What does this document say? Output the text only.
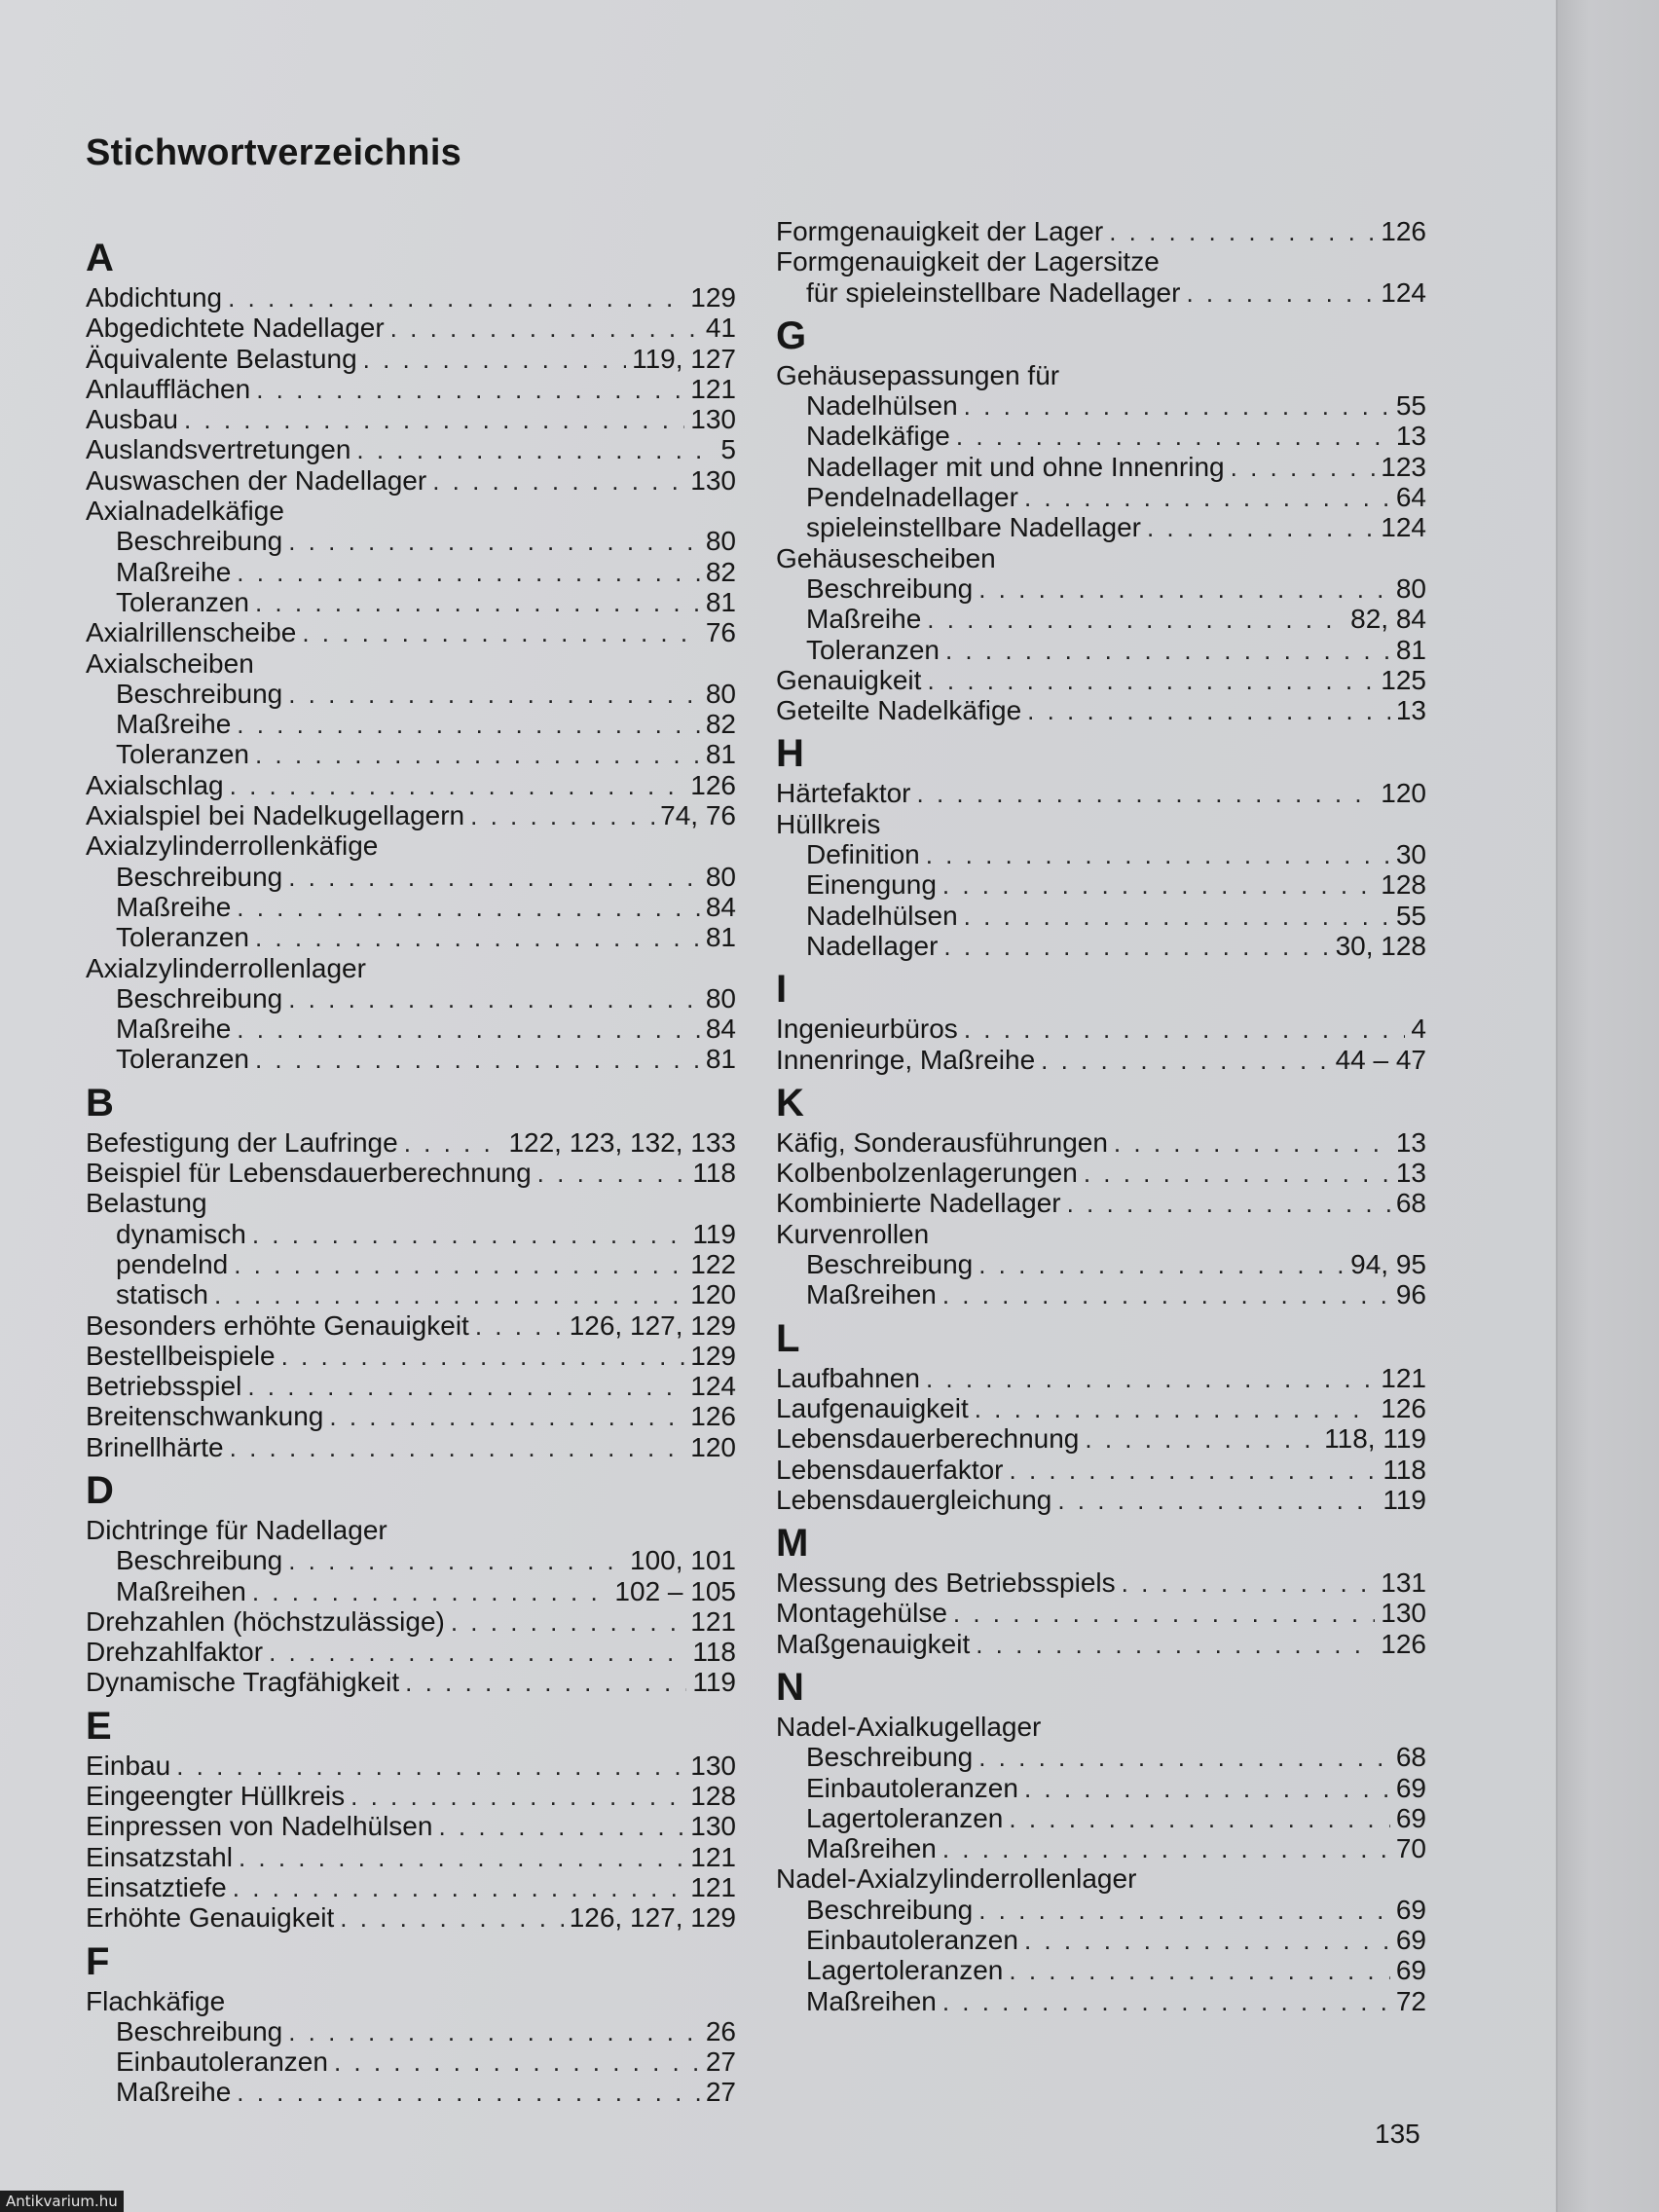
Stichwortverzeichnis
A
Abdichtung . . .	129
Abgedichtete Nadellager . . .	41
Äquivalente Belastung . . .	119, 127
Anlaufflächen . . .	121
Ausbau . . .	130
Auslandsvertretungen . . .	5
Auswaschen der Nadellager . . .	130
Axialnadelkäfige
Beschreibung . . .	80
Maßreihe . . .	82
Toleranzen . . .	81
Axialrillenscheibe . . .	76
Axialscheiben
Beschreibung . . .	80
Maßreihe . . .	82
Toleranzen . . .	81
Axialschlag . . .	126
Axialspiel bei Nadelkugellagern . . .	74, 76
Axialzylinderrollenkäfige
Beschreibung . . .	80
Maßreihe . . .	84
Toleranzen . . .	81
Axialzylinderrollenlager
Beschreibung . . .	80
Maßreihe . . .	84
Toleranzen . . .	81
B
Befestigung der Laufringe . . .	122, 123, 132, 133
Beispiel für Lebensdauerberechnung . . .	118
Belastung
dynamisch . . .	119
pendelnd . . .	122
statisch . . .	120
Besonders erhöhte Genauigkeit . . .	126, 127, 129
Bestellbeispiele . . .	129
Betriebsspiel . . .	124
Breitenschwankung . . .	126
Brinellhärte . . .	120
D
Dichtringe für Nadellager
Beschreibung . . .	100, 101
Maßreihen . . .	102 – 105
Drehzahlen (höchstzulässige) . . .	121
Drehzahlfaktor . . .	118
Dynamische Tragfähigkeit . . .	119
E
Einbau . . .	130
Eingeengter Hüllkreis . . .	128
Einpressen von Nadelhülsen . . .	130
Einsatzstahl . . .	121
Einsatztiefe . . .	121
Erhöhte Genauigkeit . . .	126, 127, 129
F
Flachkäfige
Beschreibung . . .	26
Einbautoleranzen . . .	27
Maßreihe . . .	27
Formgenauigkeit der Lager . . .	126
Formgenauigkeit der Lagersitze
für spieleinstellbare Nadellager . . .	124
G
Gehäusepassungen für
Nadelhülsen . . .	55
Nadelkäfige . . .	13
Nadellager mit und ohne Innenring . . .	123
Pendelnadellager . . .	64
spieleinstellbare Nadellager . . .	124
Gehäusescheiben
Beschreibung . . .	80
Maßreihe . . .	82, 84
Toleranzen . . .	81
Genauigkeit . . .	125
Geteilte Nadelkäfige . . .	13
H
Härtefaktor . . .	120
Hüllkreis
Definition . . .	30
Einengung . . .	128
Nadelhülsen . . .	55
Nadellager . . .	30, 128
I
Ingenieurbüros . . .	4
Innenringe, Maßreihe . . .	44 – 47
K
Käfig, Sonderausführungen . . .	13
Kolbenbolzenlagerungen . . .	13
Kombinierte Nadellager . . .	68
Kurvenrollen
Beschreibung . . .	94, 95
Maßreihen . . .	96
L
Laufbahnen . . .	121
Laufgenauigkeit . . .	126
Lebensdauerberechnung . . .	118, 119
Lebensdauerfaktor . . .	118
Lebensdauergleichung . . .	119
M
Messung des Betriebsspiels . . .	131
Montagehülse . . .	130
Maßgenauigkeit . . .	126
N
Nadel-Axialkugellager
Beschreibung . . .	68
Einbautoleranzen . . .	69
Lagertoleranzen . . .	69
Maßreihen . . .	70
Nadel-Axialzylinderrollenlager
Beschreibung . . .	69
Einbautoleranzen . . .	69
Lagertoleranzen . . .	69
Maßreihen . . .	72
135
Antikvarium.hu
